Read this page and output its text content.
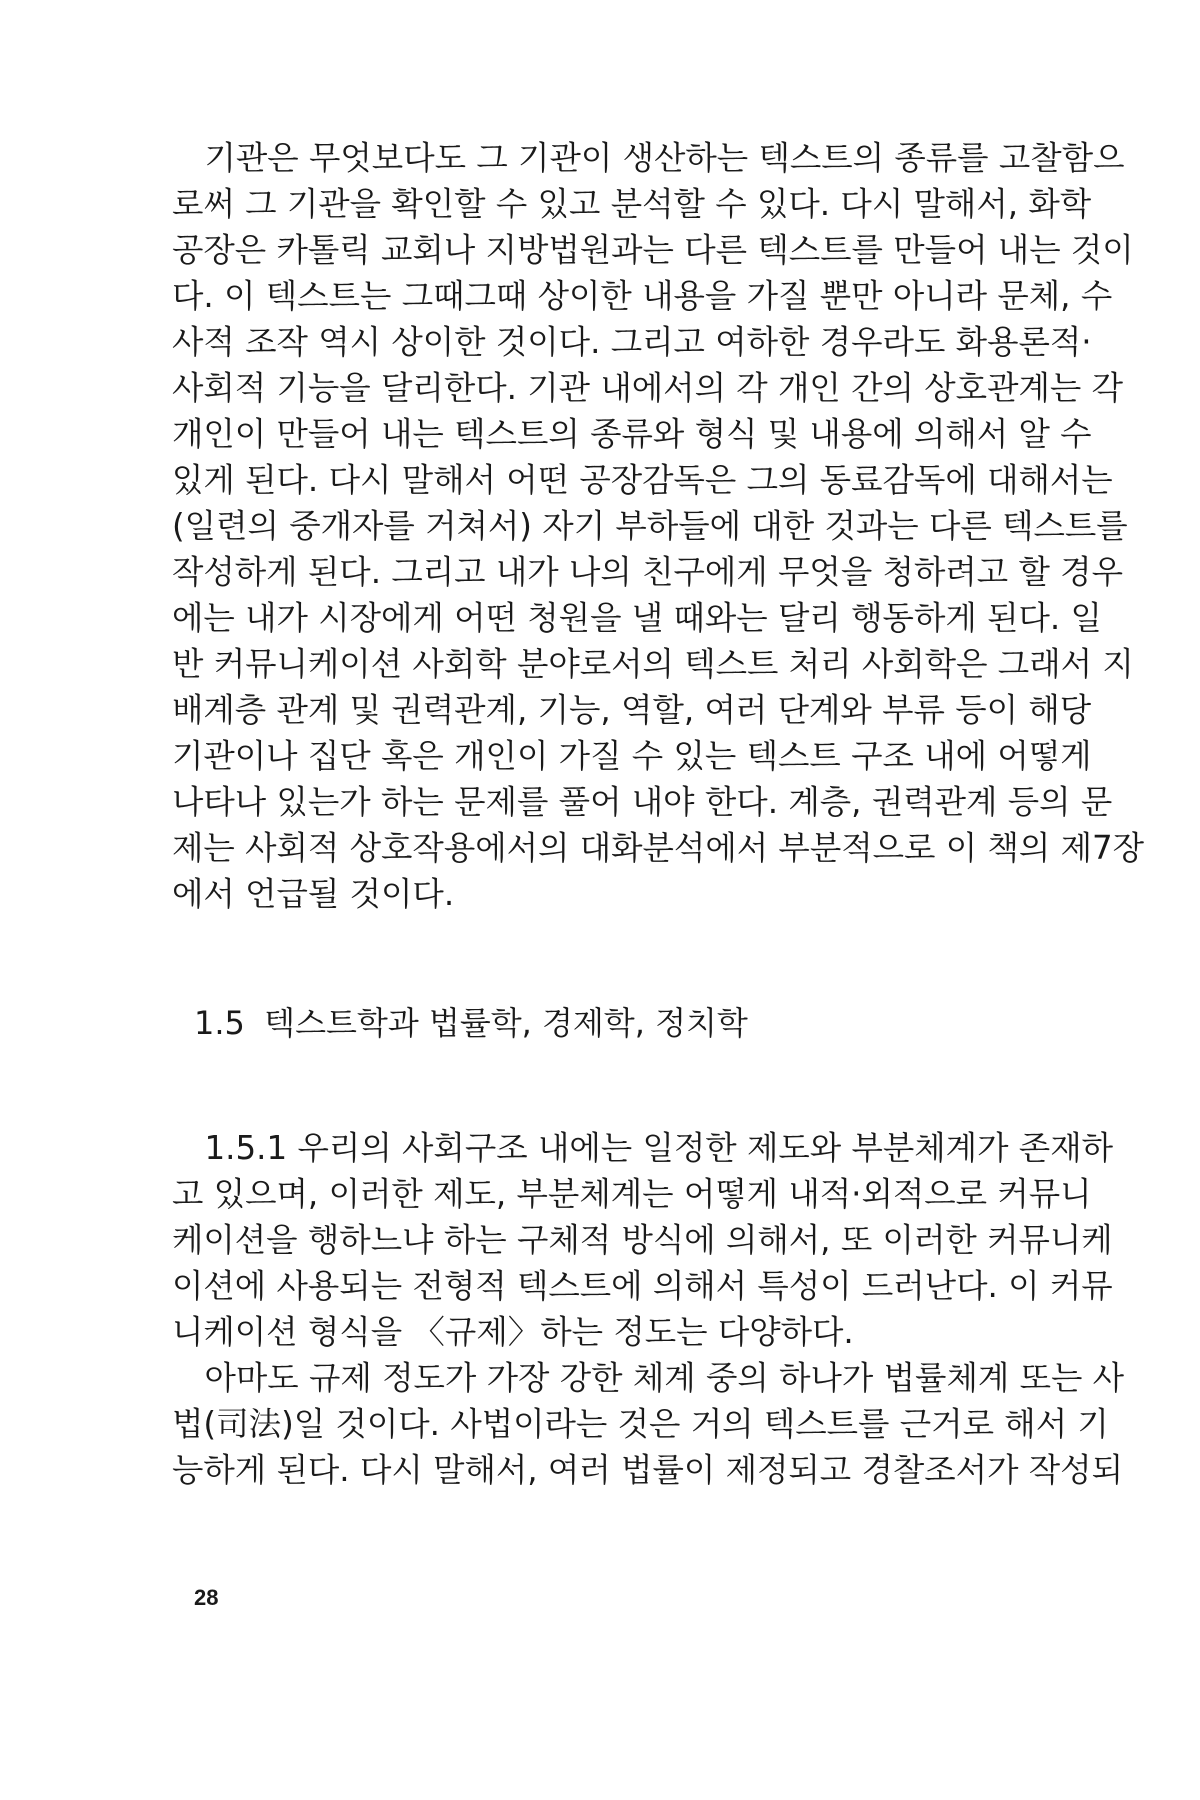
　기관은 무엇보다도 그 기관이 생산하는 텍스트의 종류를 고찰함으
로써 그 기관을 확인할 수 있고 분석할 수 있다. 다시 말해서, 화학
공장은 카톨릭 교회나 지방법원과는 다른 텍스트를 만들어 내는 것이
다. 이 텍스트는 그때그때 상이한 내용을 가질 뿐만 아니라 문체, 수
사적 조작 역시 상이한 것이다. 그리고 여하한 경우라도 화용론적·
사회적 기능을 달리한다. 기관 내에서의 각 개인 간의 상호관계는 각
개인이 만들어 내는 텍스트의 종류와 형식 및 내용에 의해서 알 수
있게 된다. 다시 말해서 어떤 공장감독은 그의 동료감독에 대해서는
(일련의 중개자를 거쳐서) 자기 부하들에 대한 것과는 다른 텍스트를
작성하게 된다. 그리고 내가 나의 친구에게 무엇을 청하려고 할 경우
에는 내가 시장에게 어떤 청원을 낼 때와는 달리 행동하게 된다. 일
반 커뮤니케이션 사회학 분야로서의 텍스트 처리 사회학은 그래서 지
배계층 관계 및 권력관계, 기능, 역할, 여러 단계와 부류 등이 해당
기관이나 집단 혹은 개인이 가질 수 있는 텍스트 구조 내에 어떻게
나타나 있는가 하는 문제를 풀어 내야 한다. 계층, 권력관계 등의 문
제는 사회적 상호작용에서의 대화분석에서 부분적으로 이 책의 제7장
에서 언급될 것이다.
1.5 텍스트학과 법률학, 경제학, 정치학
　1.5.1 우리의 사회구조 내에는 일정한 제도와 부분체계가 존재하
고 있으며, 이러한 제도, 부분체계는 어떻게 내적·외적으로 커뮤니
케이션을 행하느냐 하는 구체적 방식에 의해서, 또 이러한 커뮤니케
이션에 사용되는 전형적 텍스트에 의해서 특성이 드러난다. 이 커뮤
니케이션 형식을 〈규제〉하는 정도는 다양하다.
　아마도 규제 정도가 가장 강한 체계 중의 하나가 법률체계 또는 사
법(司法)일 것이다. 사법이라는 것은 거의 텍스트를 근거로 해서 기
능하게 된다. 다시 말해서, 여러 법률이 제정되고 경찰조서가 작성되
28
